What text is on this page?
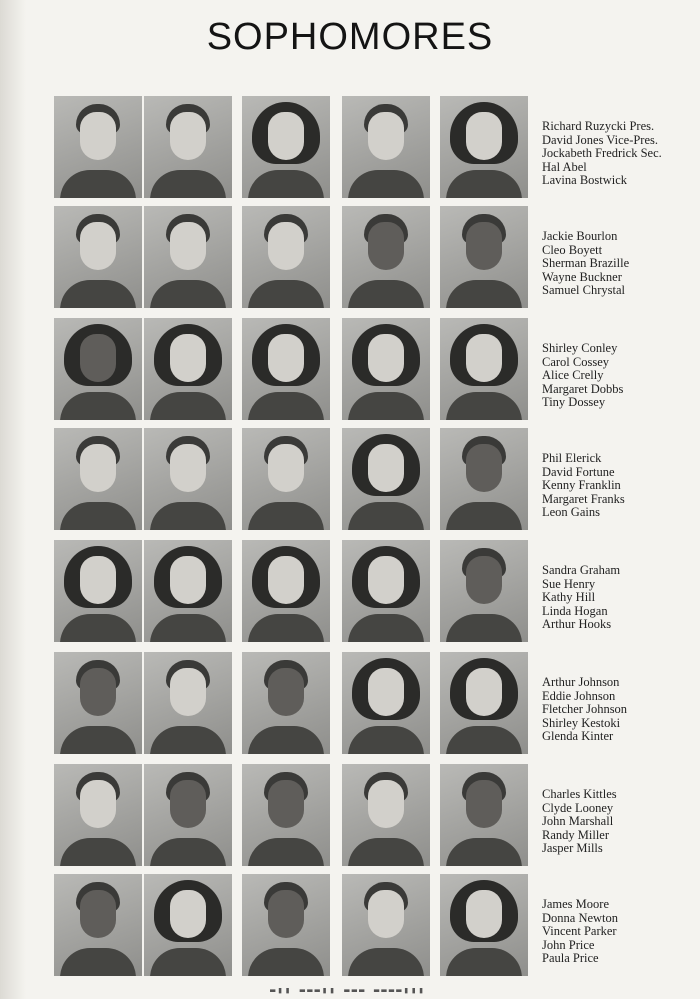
SOPHOMORES
Richard Ruzycki Pres.
David Jones Vice-Pres.
Jockabeth Fredrick Sec.
Hal Abel
Lavina Bostwick
Jackie Bourlon
Cleo Boyett
Sherman Brazille
Wayne Buckner
Samuel Chrystal
Shirley Conley
Carol Cossey
Alice Crelly
Margaret Dobbs
Tiny Dossey
Phil Elerick
David Fortune
Kenny Franklin
Margaret Franks
Leon Gains
Sandra Graham
Sue Henry
Kathy Hill
Linda Hogan
Arthur Hooks
Arthur Johnson
Eddie Johnson
Fletcher Johnson
Shirley Kestoki
Glenda Kinter
Charles Kittles
Clyde Looney
John Marshall
Randy Miller
Jasper Mills
James Moore
Donna Newton
Vincent Parker
John Price
Paula Price
▬▮▮ ▬▬▬▮▮ ▬▬▬ ▬▬▬▬▮▮▮
